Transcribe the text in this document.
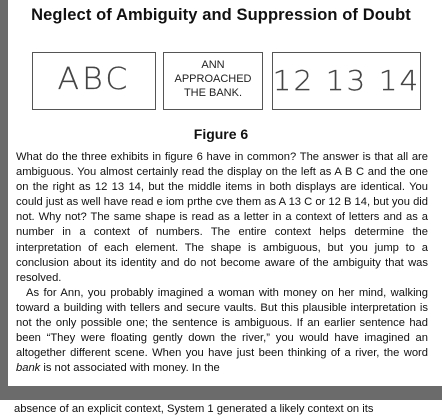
Neglect of Ambiguity and Suppression of Doubt
ABC	ANN
APPROACHED
THE BANK.	12 13 14
Figure 6

What do the three exhibits in figure 6 have in common? The answer is that all are ambiguous. You almost certainly read the display on the left as A B C and the one on the right as 12 13 14, but the middle items in both displays are identical. You could just as well have read e iom prthe cve them as A 13 C or 12 B 14, but you did not. Why not? The same shape is read as a letter in a context of letters and as a number in a context of numbers. The entire context helps determine the interpretation of each element. The shape is ambiguous, but you jump to a conclusion about its identity and do not become aware of the ambiguity that was resolved.

As for Ann, you probably imagined a woman with money on her mind, walking toward a building with tellers and secure vaults. But this plausible interpretation is not the only possible one; the sentence is ambiguous. If an earlier sentence had been “They were floating gently down the river,” you would have imagined an altogether different scene. When you have just been thinking of a river, the word bank is not associated with money. In the

absence of an explicit context, System 1 generated a likely context on its
